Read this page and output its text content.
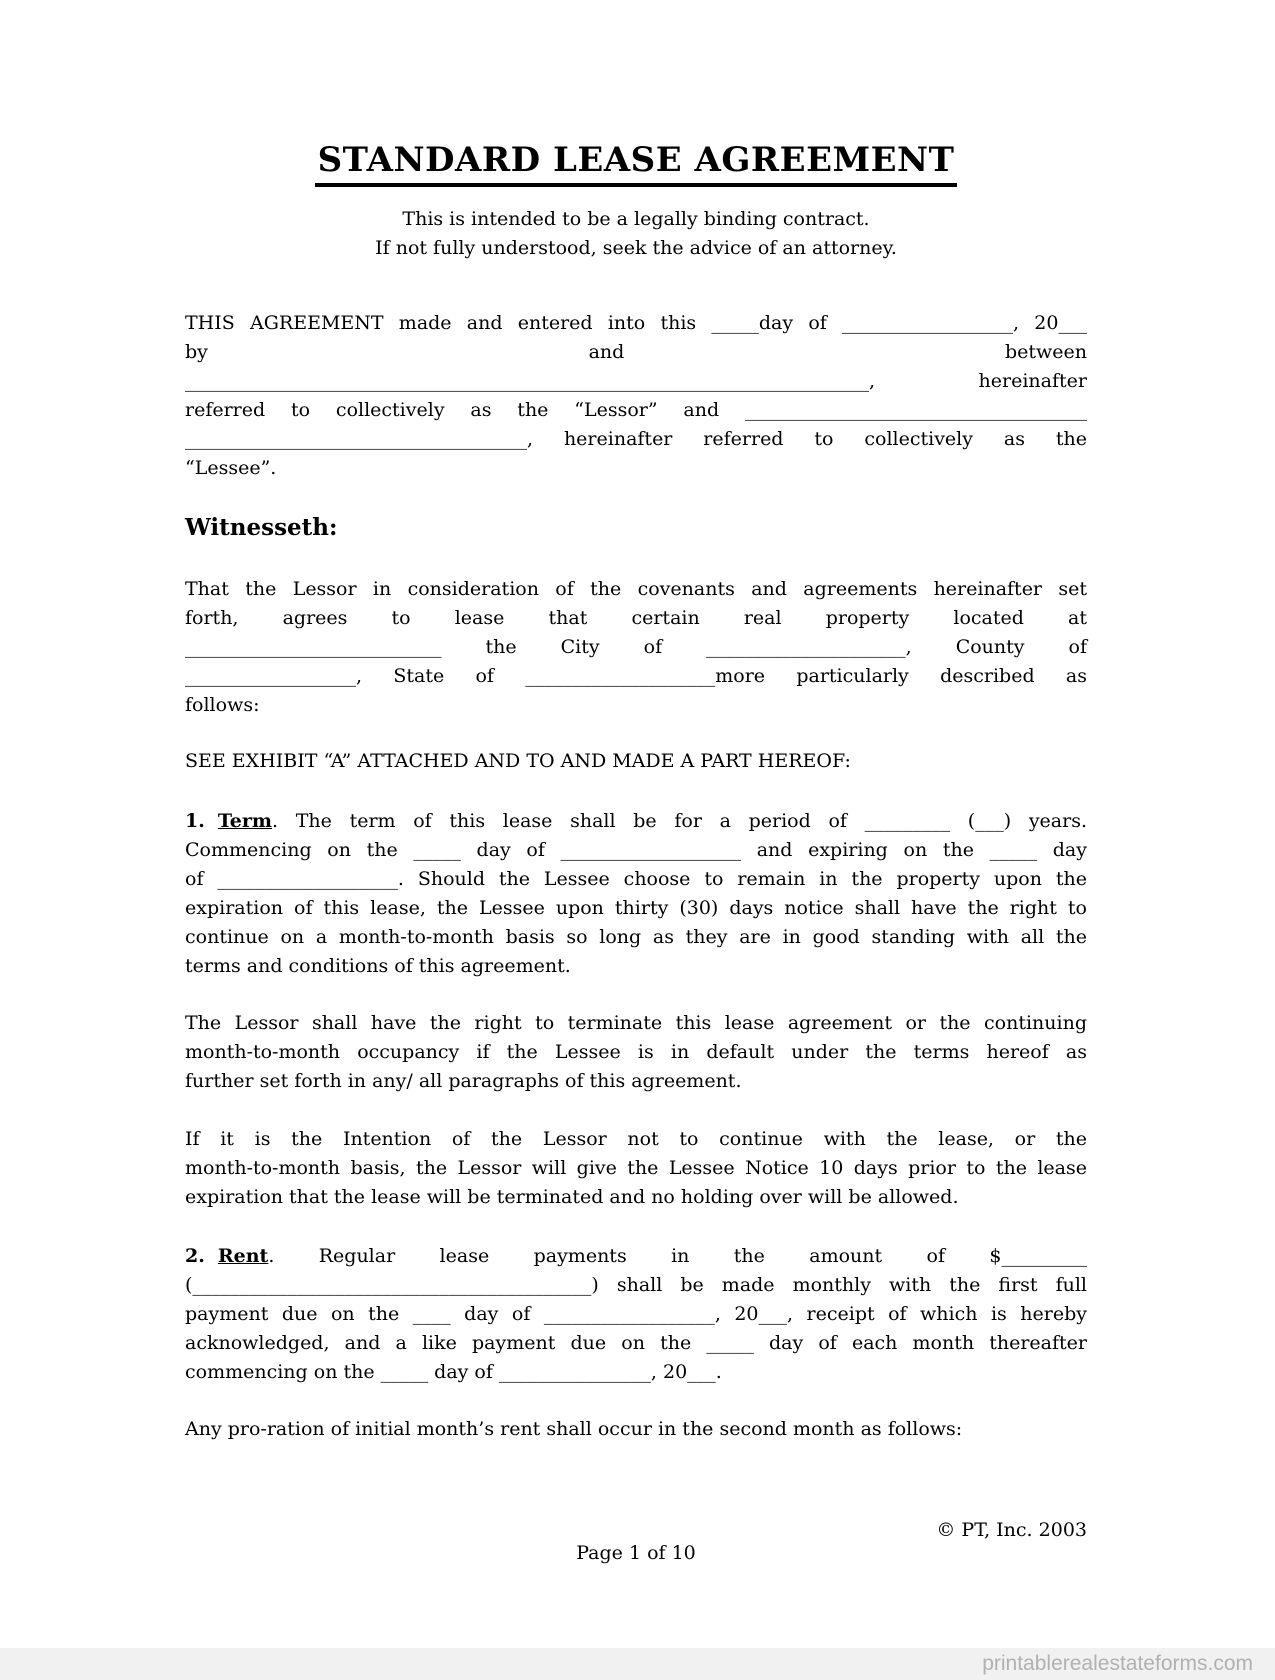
STANDARD LEASE AGREEMENT
This is intended to be a legally binding contract.
If not fully understood, seek the advice of an attorney.
THIS AGREEMENT made and entered into this _____day of __________________, 20___
by and between
________________________________________________________________________, hereinafter
referred to collectively as the “Lessor” and ____________________________________
____________________________________, hereinafter referred to collectively as the
“Lessee”.
Witnesseth:
That the Lessor in consideration of the covenants and agreements hereinafter set
forth, agrees to lease that certain real property located at
___________________________ the City of _____________________, County of
__________________, State of ____________________more particularly described as
follows:
SEE EXHIBIT “A” ATTACHED AND TO AND MADE A PART HEREOF:
1. Term. The term of this lease shall be for a period of _________ (___) years.
Commencing on the _____ day of ___________________ and expiring on the _____ day
of ___________________. Should the Lessee choose to remain in the property upon the
expiration of this lease, the Lessee upon thirty (30) days notice shall have the right to
continue on a month-to-month basis so long as they are in good standing with all the
terms and conditions of this agreement.
The Lessor shall have the right to terminate this lease agreement or the continuing
month-to-month occupancy if the Lessee is in default under the terms hereof as
further set forth in any/ all paragraphs of this agreement.
If it is the Intention of the Lessor not to continue with the lease, or the
month-to-month basis, the Lessor will give the Lessee Notice 10 days prior to the lease
expiration that the lease will be terminated and no holding over will be allowed.
2. Rent. Regular lease payments in the amount of $_________
(__________________________________________) shall be made monthly with the first full
payment due on the ____ day of __________________, 20___, receipt of which is hereby
acknowledged, and a like payment due on the _____ day of each month thereafter
commencing on the _____ day of ________________, 20___.
Any pro-ration of initial month’s rent shall occur in the second month as follows:
© PT, Inc. 2003
Page 1 of 10
printablerealestateforms.com
